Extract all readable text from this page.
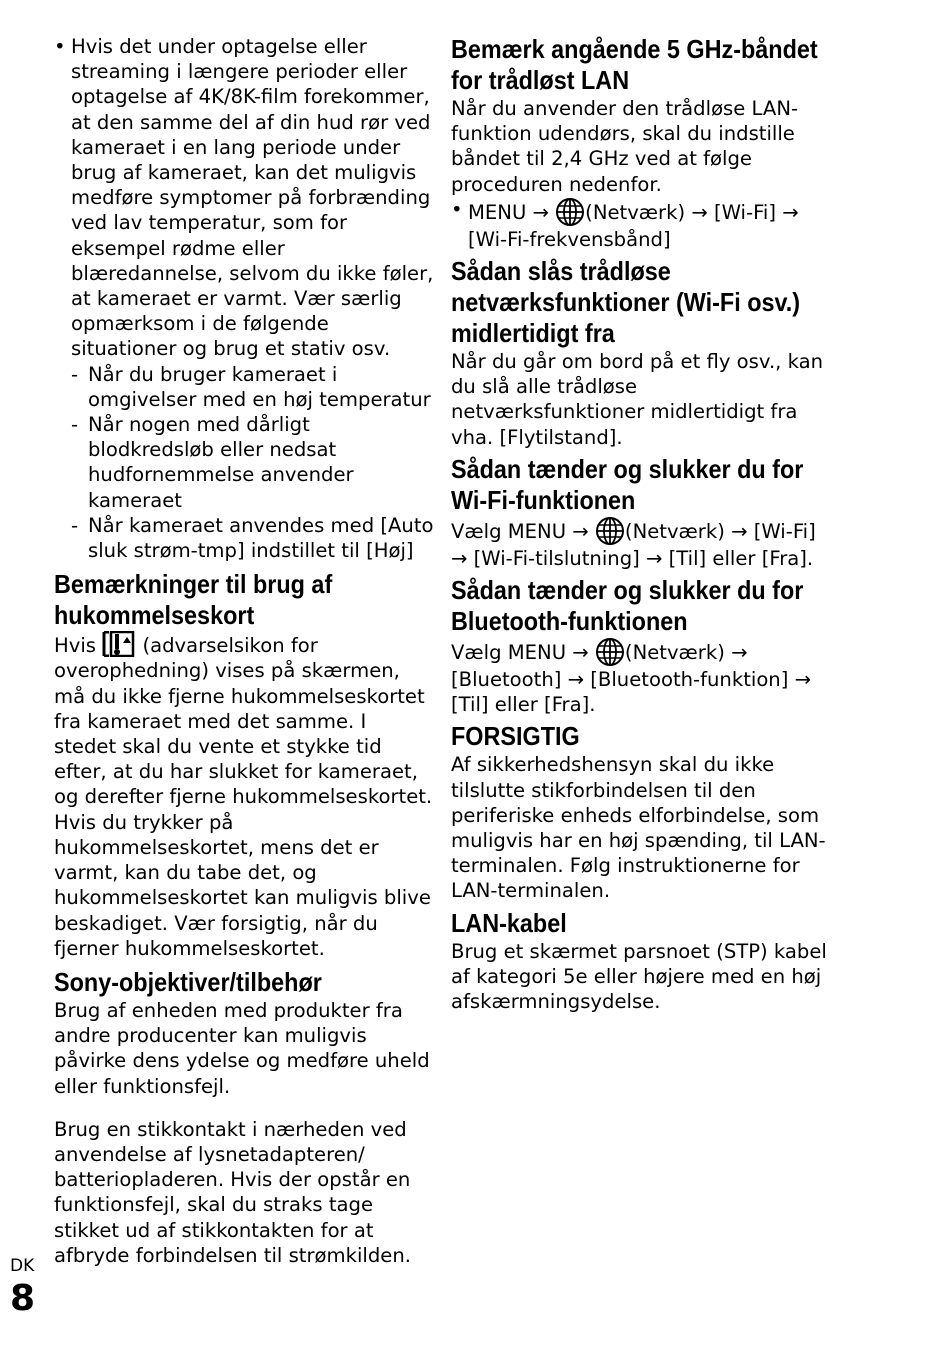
• Hvis det under optagelse eller streaming i længere perioder eller optagelse af 4K/8K-film forekommer, at den samme del af din hud rør ved kameraet i en lang periode under brug af kameraet, kan det muligvis medføre symptomer på forbrænding ved lav temperatur, som for eksempel rødme eller blæredannelse, selvom du ikke føler, at kameraet er varmt. Vær særlig opmærksom i de følgende situationer og brug et stativ osv.

- Når du bruger kameraet i omgivelser med en høj temperatur

- Når nogen med dårligt blodkredsløb eller nedsat hudfornemmelse anvender kameraet

- Når kameraet anvendes med [Auto sluk strøm-tmp] indstillet til [Høj]

Bemærkninger til brug af hukommelseskort

Hvis (advarselsikon for overophedning) vises på skærmen, må du ikke fjerne hukommelseskortet fra kameraet med det samme. I stedet skal du vente et stykke tid efter, at du har slukket for kameraet, og derefter fjerne hukommelseskortet. Hvis du trykker på hukommelseskortet, mens det er varmt, kan du tabe det, og hukommelseskortet kan muligvis blive beskadiget. Vær forsigtig, når du fjerner hukommelseskortet.

Sony-objektiver/tilbehør

Brug af enheden med produkter fra andre producenter kan muligvis påvirke dens ydelse og medføre uheld eller funktionsfejl.

Brug en stikkontakt i nærheden ved anvendelse af lysnetadapteren/ batteriopladeren. Hvis der opstår en funktionsfejl, skal du straks tage stikket ud af stikkontakten for at afbryde forbindelsen til strømkilden.

Bemærk angående 5 GHz-båndet for trådløst LAN

Når du anvender den trådløse LAN-funktion udendørs, skal du indstille båndet til 2,4 GHz ved at følge proceduren nedenfor.

• MENU → (Netværk) → [Wi-Fi] → [Wi-Fi-frekvensbånd]

Sådan slås trådløse netværksfunktioner (Wi-Fi osv.) midlertidigt fra

Når du går om bord på et fly osv., kan du slå alle trådløse netværksfunktioner midlertidigt fra vha. [Flytilstand].

Sådan tænder og slukker du for Wi-Fi-funktionen

Vælg MENU → (Netværk) → [Wi-Fi] → [Wi-Fi-tilslutning] → [Til] eller [Fra].

Sådan tænder og slukker du for Bluetooth-funktionen

Vælg MENU → (Netværk) → [Bluetooth] → [Bluetooth-funktion] → [Til] eller [Fra].

FORSIGTIG

Af sikkerhedshensyn skal du ikke tilslutte stikforbindelsen til den periferiske enheds elforbindelse, som muligvis har en høj spænding, til LAN-terminalen. Følg instruktionerne for LAN-terminalen.

LAN-kabel

Brug et skærmet parsnoet (STP) kabel af kategori 5e eller højere med en høj afskærmningsydelse.

DK
8
